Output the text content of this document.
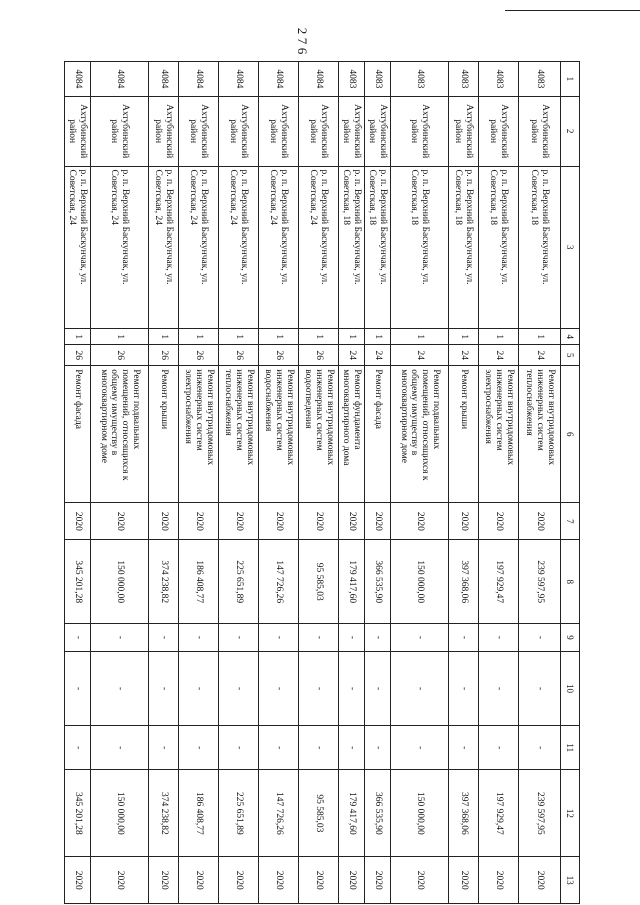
2
7
6
1	2	3	4	5	6	7	8	9	10	11	12	13
4083	Ахтубинский район	р. п. Верхний Баскунчак, ул. Советская, 18	1	24	Ремонт внутридомовых инженерных систем теплоснабжения	2020	239 597,95	-	-	-	239 597,95	2020
4083	Ахтубинский район	р. п. Верхний Баскунчак, ул. Советская, 18	1	24	Ремонт внутридомовых инженерных систем электроснабжения	2020	197 929,47	-	-	-	197 929,47	2020
4083	Ахтубинский район	р. п. Верхний Баскунчак, ул. Советская, 18	1	24	Ремонт крыши	2020	397 368,06	-	-	-	397 368,06	2020
4083	Ахтубинский район	р. п. Верхний Баскунчак, ул. Советская, 18	1	24	Ремонт подвальных помещений, относящихся к общему имуществу в многоквартирном доме	2020	150 000,00	-	-	-	150 000,00	2020
4083	Ахтубинский район	р. п. Верхний Баскунчак, ул. Советская, 18	1	24	Ремонт фасада	2020	366 535,90	-	-	-	366 535,90	2020
4083	Ахтубинский район	р. п. Верхний Баскунчак, ул. Советская, 18	1	24	Ремонт фундамента многоквартирного дома	2020	179 417,60	-	-	-	179 417,60	2020
4084	Ахтубинский район	р. п. Верхний Баскунчак, ул. Советская, 24	1	26	Ремонт внутридомовых инженерных систем водоотведения	2020	95 585,03	-	-	-	95 585,03	2020
4084	Ахтубинский район	р. п. Верхний Баскунчак, ул. Советская, 24	1	26	Ремонт внутридомовых инженерных систем водоснабжения	2020	147 726,26	-	-	-	147 726,26	2020
4084	Ахтубинский район	р. п. Верхний Баскунчак, ул. Советская, 24	1	26	Ремонт внутридомовых инженерных систем теплоснабжения	2020	225 651,89	-	-	-	225 651,89	2020
4084	Ахтубинский район	р. п. Верхний Баскунчак, ул. Советская, 24	1	26	Ремонт внутридомовых инженерных систем электроснабжения	2020	186 408,77	-	-	-	186 408,77	2020
4084	Ахтубинский район	р. п. Верхний Баскунчак, ул. Советская, 24	1	26	Ремонт крыши	2020	374 238,82	-	-	-	374 238,82	2020
4084	Ахтубинский район	р. п. Верхний Баскунчак, ул. Советская, 24	1	26	Ремонт подвальных помещений, относящихся к общему имуществу в многоквартирном доме	2020	150 000,00	-	-	-	150 000,00	2020
4084	Ахтубинский район	р. п. Верхний Баскунчак, ул. Советская, 24	1	26	Ремонт фасада	2020	345 201,28	-	-	-	345 201,28	2020
